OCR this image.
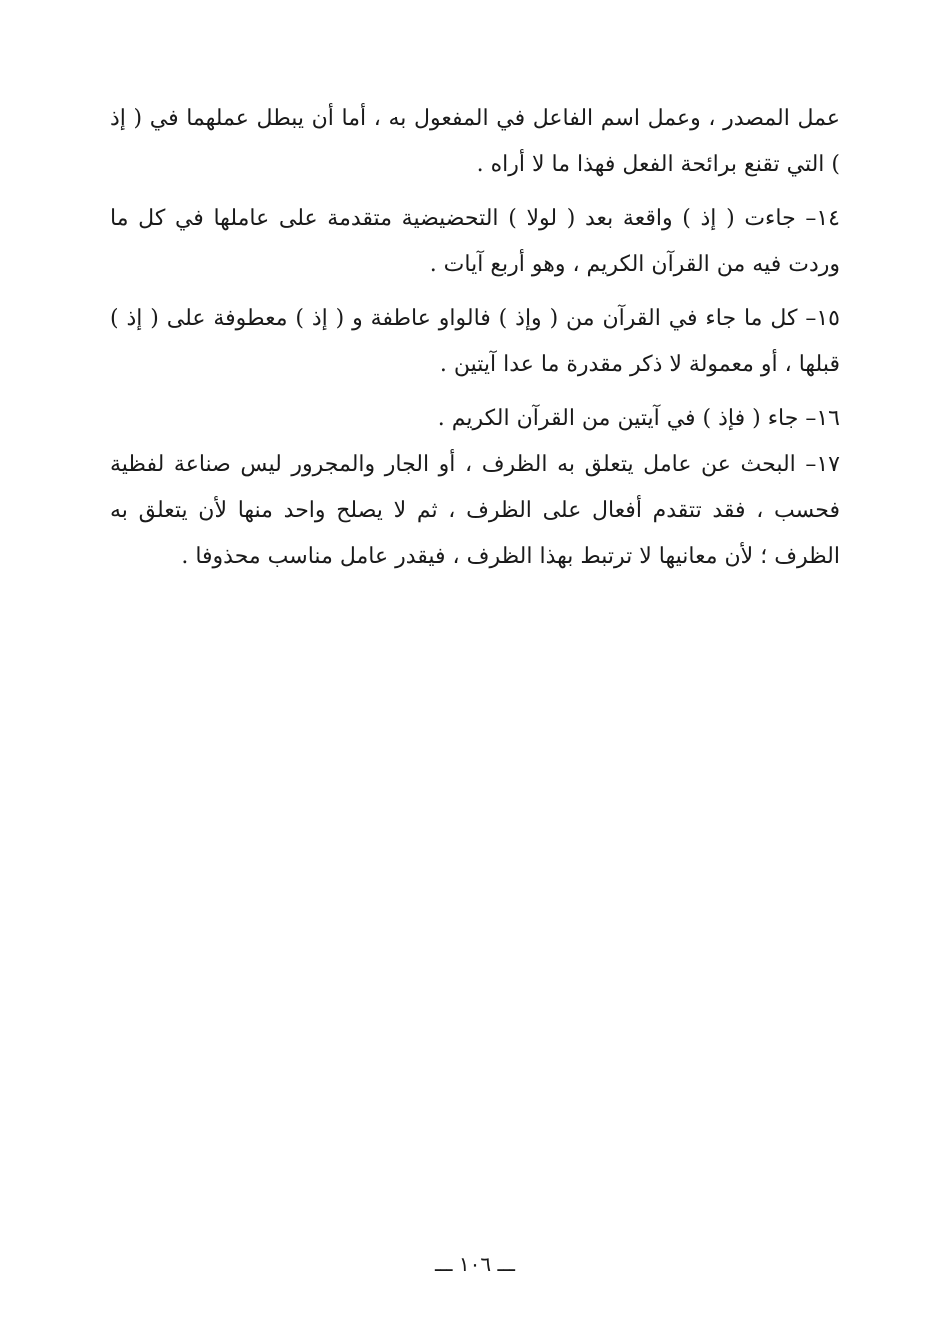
عمل المصدر ، وعمل اسم الفاعل في المفعول به ، أما أن يبطل عملهما في ( إذ ) التي تقنع برائحة الفعل فهذا ما لا أراه .

١٤– جاءت ( إذ ) واقعة بعد ( لولا ) التحضيضية متقدمة على عاملها في كل ما وردت فيه من القرآن الكريم ، وهو أربع آيات .

١٥– كل ما جاء في القرآن من ( وإذ ) فالواو عاطفة و ( إذ ) معطوفة على ( إذ ) قبلها ، أو معمولة لا ذكر مقدرة ما عدا آيتين .

١٦– جاء ( فإذ ) في آيتين من القرآن الكريم .

١٧– البحث عن عامل يتعلق به الظرف ، أو الجار والمجرور ليس صناعة لفظية فحسب ، فقد تتقدم أفعال على الظرف ، ثم لا يصلح واحد منها لأن يتعلق به الظرف ؛ لأن معانيها لا ترتبط بهذا الظرف ، فيقدر عامل مناسب محذوفا .

ـــ ١٠٦ ـــ
